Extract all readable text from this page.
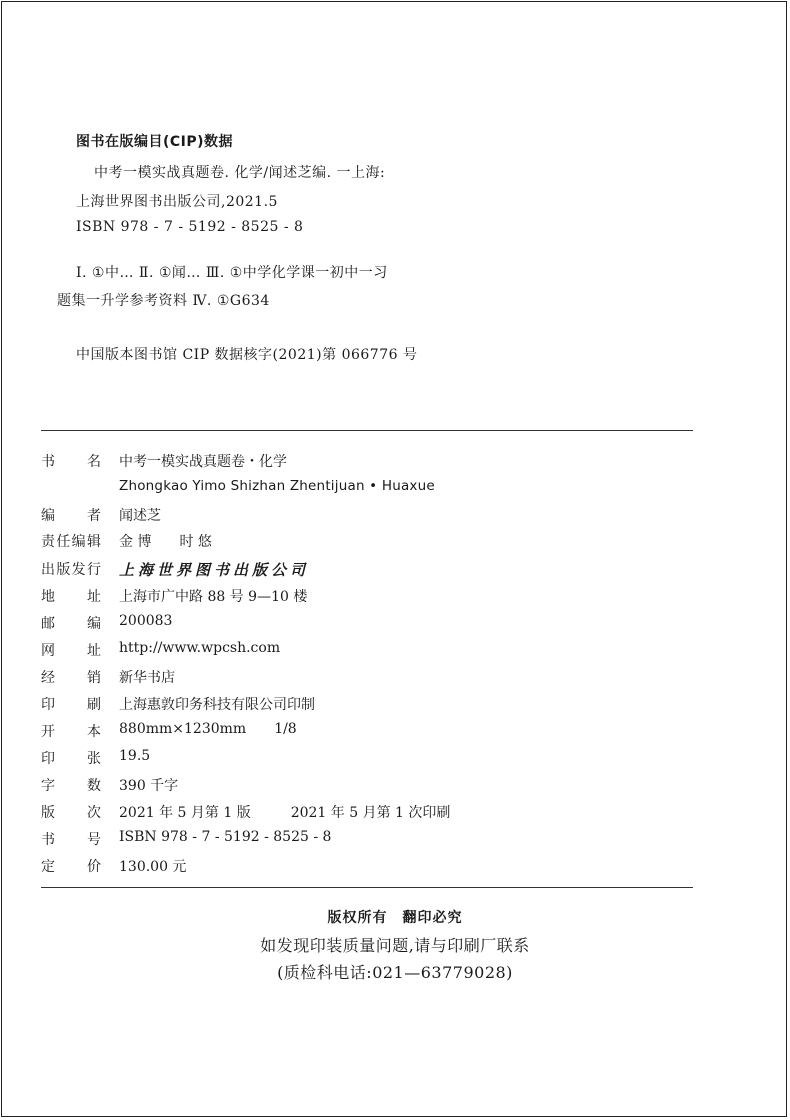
图书在版编目(CIP)数据
中考一模实战真题卷. 化学/闻述芝编. 一上海:
上海世界图书出版公司,2021.5
ISBN 978 - 7 - 5192 - 8525 - 8
Ⅰ. ①中… Ⅱ. ①闻… Ⅲ. ①中学化学课一初中一习
题集一升学参考资料 Ⅳ. ①G634
中国版本图书馆 CIP 数据核字(2021)第 066776 号
书 名 中考一模实战真题卷・化学
Zhongkao Yimo Shizhan Zhentijuan • Huaxue
编 者 闻述芝
责 任 编 辑 金 博 时 悠
出 版 发 行 上海世界图书出版公司
地 址 上海市广中路 88 号 9—10 楼
邮 编 200083
网 址 http://www.wpcsh.com
经 销 新华书店
印 刷 上海惠敦印务科技有限公司印制
开 本 880mm×1230mm 1/8
印 张 19.5
字 数 390 千字
版 次 2021 年 5 月第 1 版	2021 年 5 月第 1 次印刷
书 号 ISBN 978 - 7 - 5192 - 8525 - 8
定 价 130.00 元
版权所有　翻印必究
如发现印装质量问题,请与印刷厂联系
(质检科电话:021—63779028)
